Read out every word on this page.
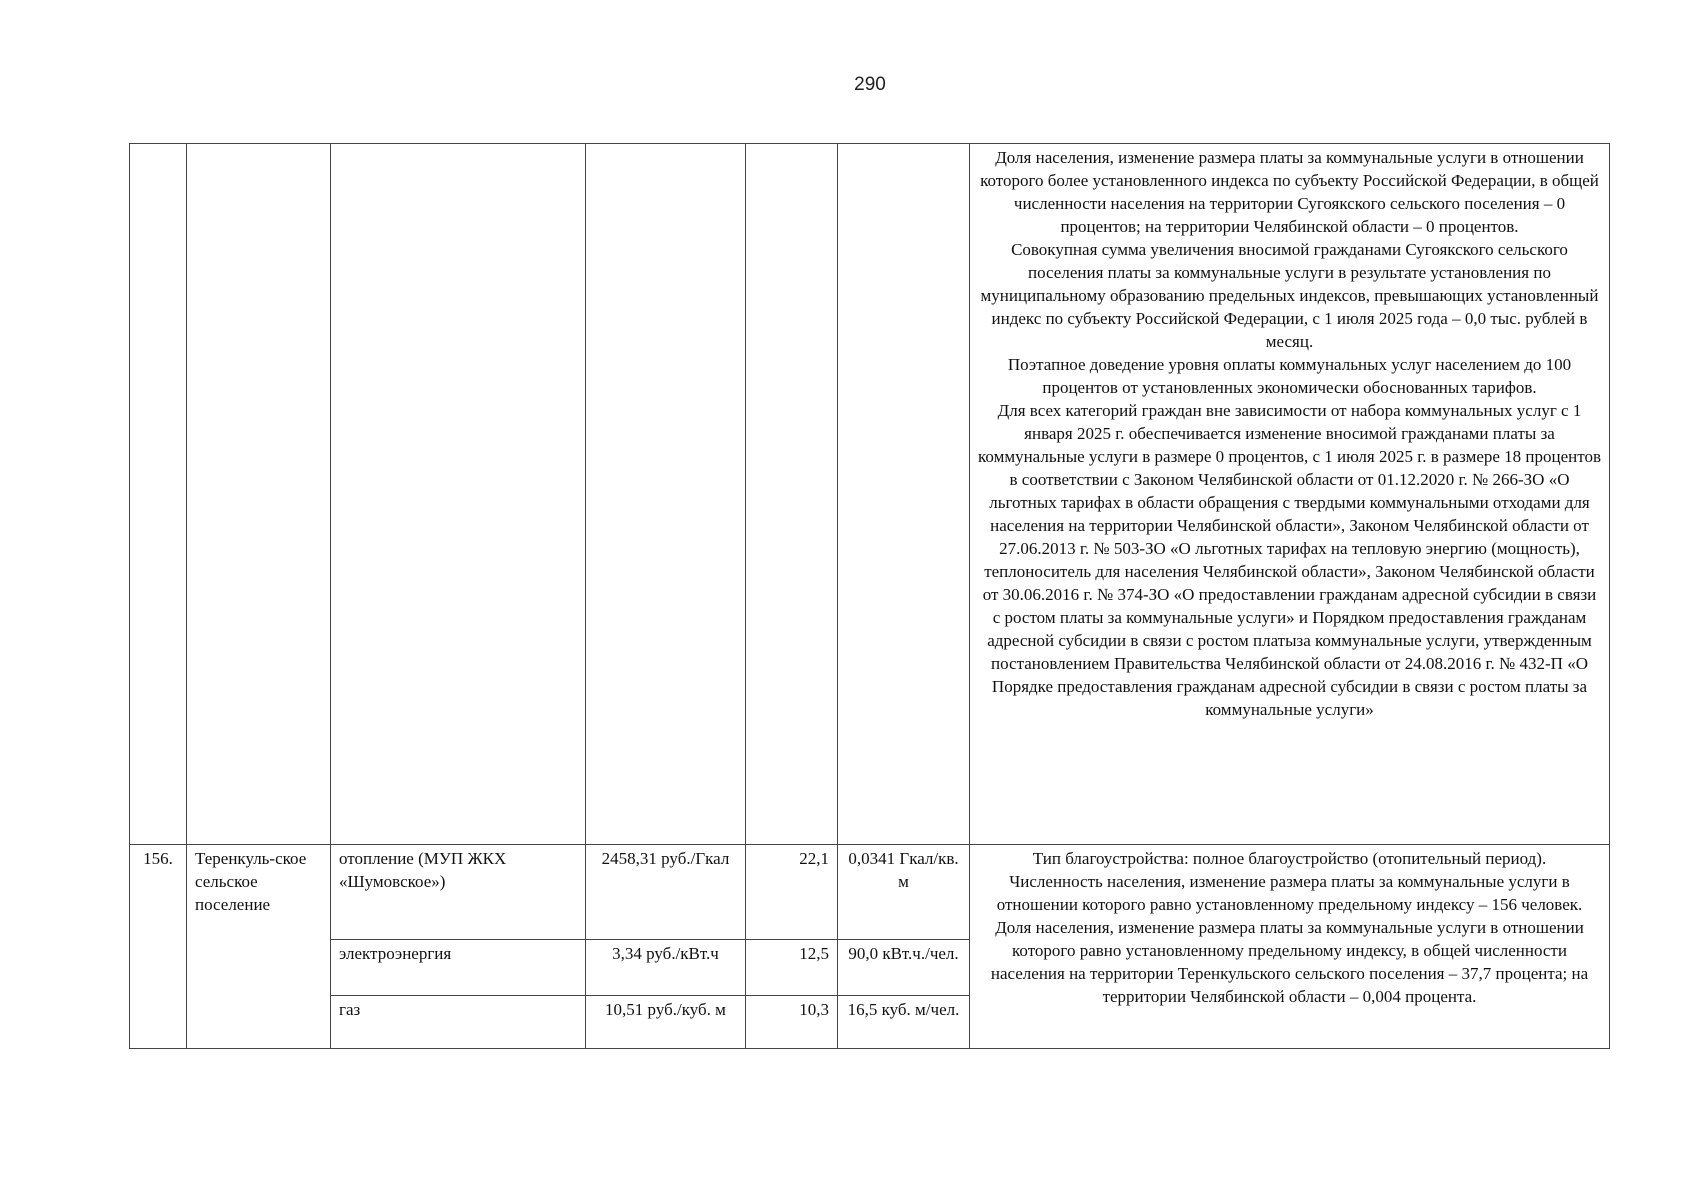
290

						Доля населения, изменение размера платы за коммунальные услуги в отношении которого более установленного индекса по субъекту Российской Федерации, в общей численности населения на территории Сугоякского сельского поселения – 0 процентов; на территории Челябинской области – 0 процентов.
Совокупная сумма увеличения вносимой гражданами Сугоякского сельского поселения платы за коммунальные услуги в результате установления по муниципальному образованию предельных индексов, превышающих установленный индекс по субъекту Российской Федерации, с 1 июля 2025 года – 0,0 тыс. рублей в месяц.
Поэтапное доведение уровня оплаты коммунальных услуг населением до 100 процентов от установленных экономически обоснованных тарифов.
Для всех категорий граждан вне зависимости от набора коммунальных услуг с 1 января 2025 г. обеспечивается изменение вносимой гражданами платы за коммунальные услуги в размере 0 процентов, с 1 июля 2025 г. в размере 18 процентов в соответствии с Законом Челябинской области от 01.12.2020 г. № 266-ЗО «О льготных тарифах в области обращения с твердыми коммунальными отходами для населения на территории Челябинской области», Законом Челябинской области от 27.06.2013 г. № 503-ЗО «О льготных тарифах на тепловую энергию (мощность), теплоноситель для населения Челябинской области», Законом Челябинской области от 30.06.2016 г. № 374-ЗО «О предоставлении гражданам адресной субсидии в связи с ростом платы за коммунальные услуги» и Порядком предоставления гражданам адресной субсидии в связи с ростом платыза коммунальные услуги, утвержденным постановлением Правительства Челябинской области от 24.08.2016 г. № 432-П «О Порядке предоставления гражданам адресной субсидии в связи с ростом платы за коммунальные услуги»

156.	Теренкуль-ское сельское поселение	отопление (МУП ЖКХ «Шумовское»)	2458,31 руб./Гкал	22,1	0,0341 Гкал/кв. м	Тип благоустройства: полное благоустройство (отопительный период).
Численность населения, изменение размера платы за коммунальные услуги в отношении которого равно установленному предельному индексу – 156 человек.
Доля населения, изменение размера платы за коммунальные услуги в отношении которого равно установленному предельному индексу, в общей численности населения на территории Теренкульского сельского поселения – 37,7 процента; на территории Челябинской области – 0,004 процента.

		электроэнергия	3,34 руб./кВт.ч	12,5	90,0 кВт.ч./чел.	
		газ	10,51 руб./куб. м	10,3	16,5 куб. м/чел.	
